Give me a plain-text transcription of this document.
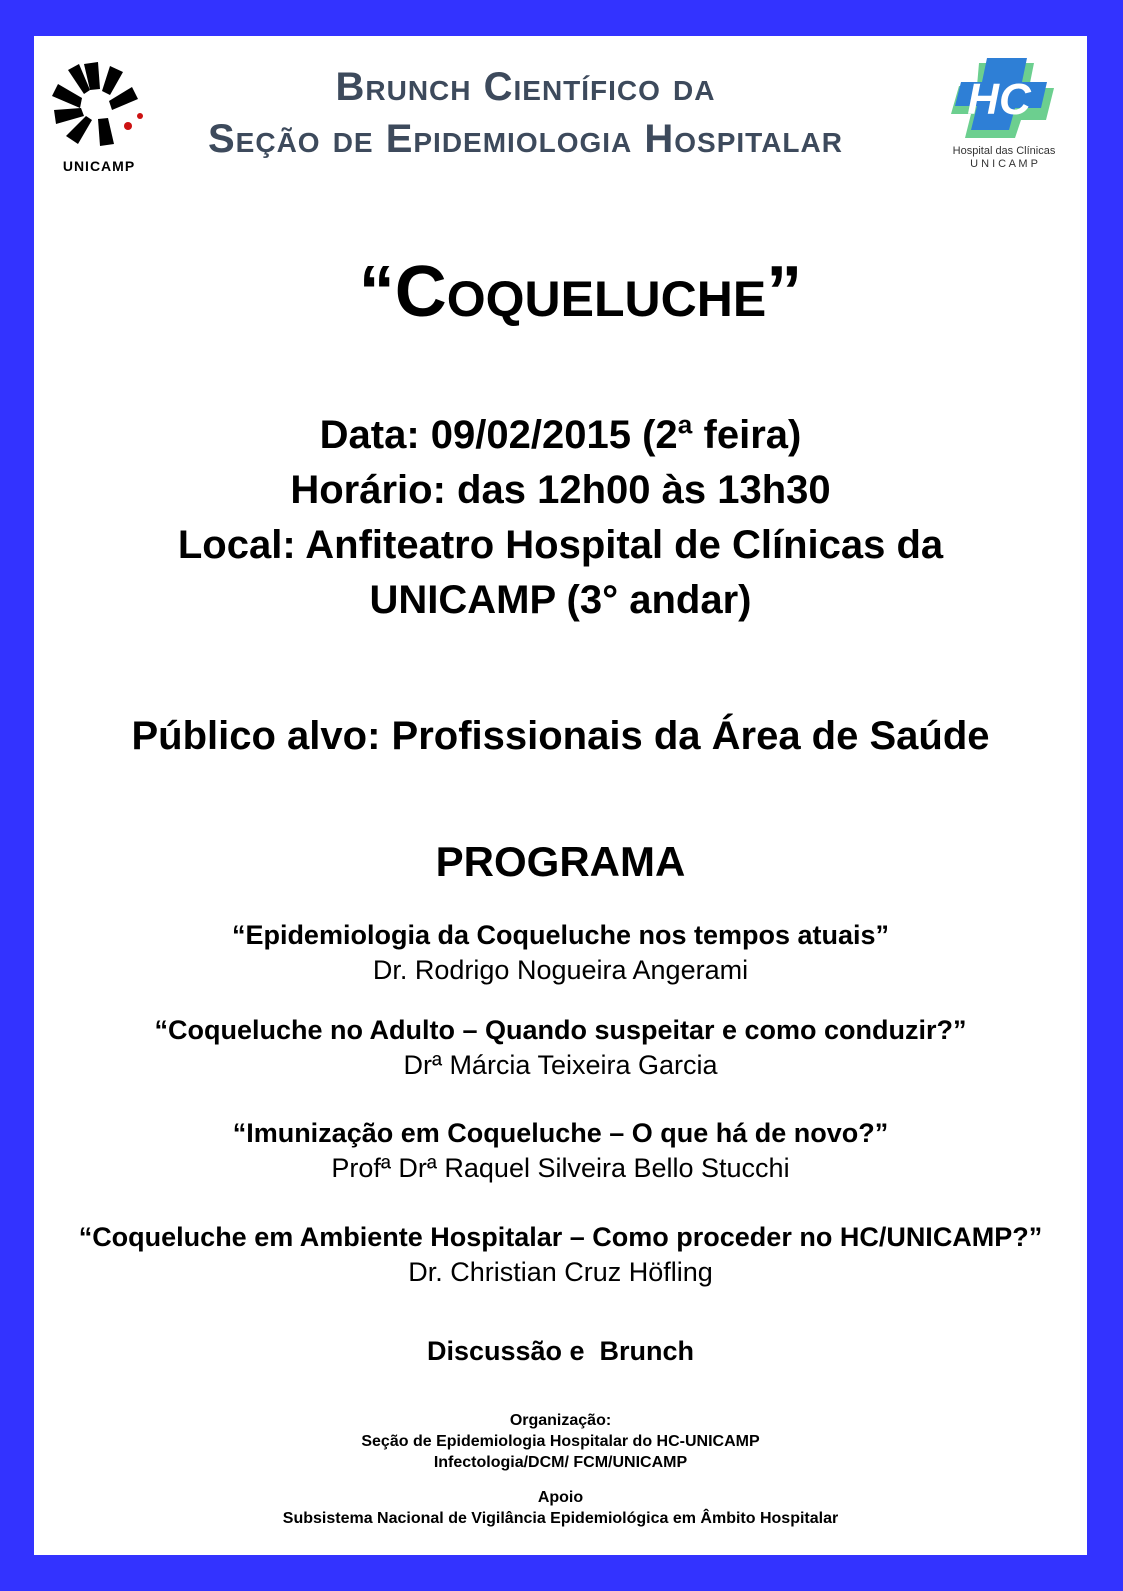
UNICAMP
HC
Hospital das Clínicas
U N I C A M P
Brunch Científico da
Seção de Epidemiologia Hospitalar
“Coqueluche”
Data: 09/02/2015 (2ª feira)
Horário: das 12h00 às 13h30
Local: Anfiteatro Hospital de Clínicas da
UNICAMP (3° andar)
Público alvo: Profissionais da Área de Saúde
PROGRAMA
“Epidemiologia da Coqueluche nos tempos atuais”
Dr. Rodrigo Nogueira Angerami
“Coqueluche no Adulto – Quando suspeitar e como conduzir?”
Drª Márcia Teixeira Garcia
“Imunização em Coqueluche – O que há de novo?”
Profª Drª Raquel Silveira Bello Stucchi
“Coqueluche em Ambiente Hospitalar – Como proceder no HC/UNICAMP?”
Dr. Christian Cruz Höfling
Discussão e  Brunch
Organização:
Seção de Epidemiologia Hospitalar do HC-UNICAMP
Infectologia/DCM/ FCM/UNICAMP
Apoio
Subsistema Nacional de Vigilância Epidemiológica em Âmbito Hospitalar
